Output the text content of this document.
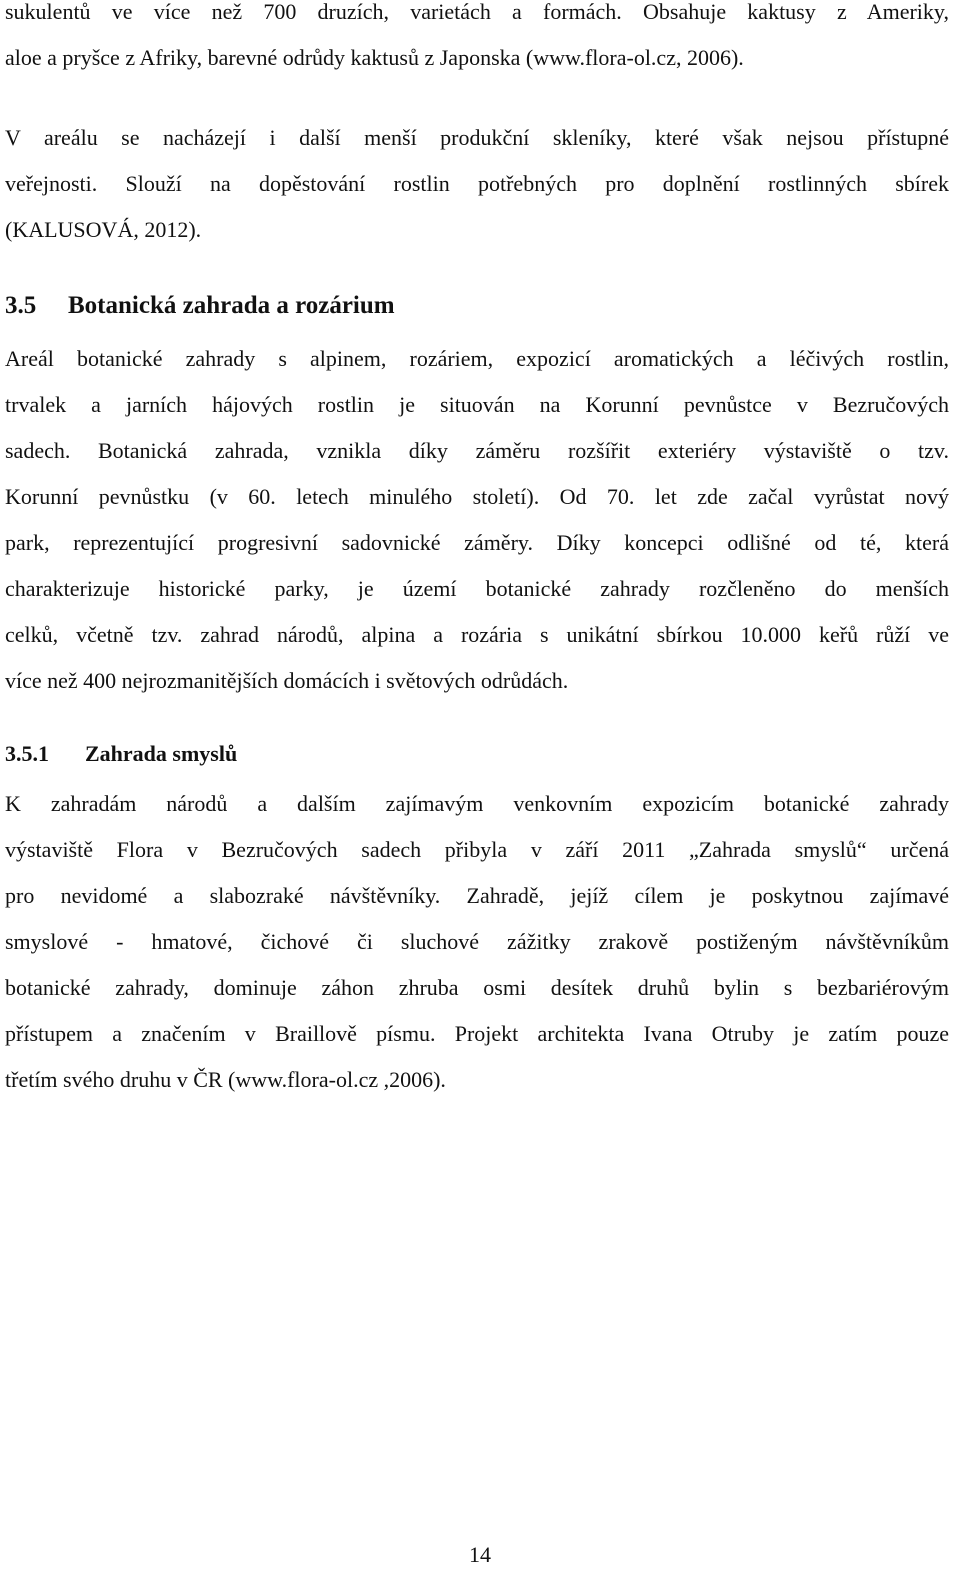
sukulentů ve více než 700 druzích, varietách a formách. Obsahuje kaktusy z Ameriky,
aloe a pryšce z Afriky, barevné odrůdy kaktusů z Japonska (www.flora-ol.cz, 2006).

V areálu se nacházejí i další menší produkční skleníky, které však nejsou přístupné
veřejnosti. Slouží na dopěstování rostlin potřebných pro doplnění rostlinných sbírek
(KALUSOVÁ, 2012).

3.5 Botanická zahrada a rozárium

Areál botanické zahrady s alpinem, rozáriem, expozicí aromatických a léčivých rostlin,
trvalek a jarních hájových rostlin je situován na Korunní pevnůstce v Bezručových
sadech. Botanická zahrada, vznikla díky záměru rozšířit exteriéry výstaviště o tzv.
Korunní pevnůstku (v 60. letech minulého století). Od 70. let zde začal vyrůstat nový
park, reprezentující progresivní sadovnické záměry. Díky koncepci odlišné od té, která
charakterizuje historické parky, je území botanické zahrady rozčleněno do menších
celků, včetně tzv. zahrad národů, alpina a rozária s unikátní sbírkou 10.000 keřů růží ve
více než 400 nejrozmanitějších domácích i světových odrůdách.

3.5.1 Zahrada smyslů

K zahradám národů a dalším zajímavým venkovním expozicím botanické zahrady
výstaviště Flora v Bezručových sadech přibyla v září 2011 „Zahrada smyslů“ určená
pro nevidomé a slabozraké návštěvníky. Zahradě, jejíž cílem je poskytnou zajímavé
smyslové - hmatové, čichové či sluchové zážitky zrakově postiženým návštěvníkům
botanické zahrady, dominuje záhon zhruba osmi desítek druhů bylin s bezbariérovým
přístupem a značením v Braillově písmu. Projekt architekta Ivana Otruby je zatím pouze
třetím svého druhu v ČR (www.flora-ol.cz ,2006).

14
